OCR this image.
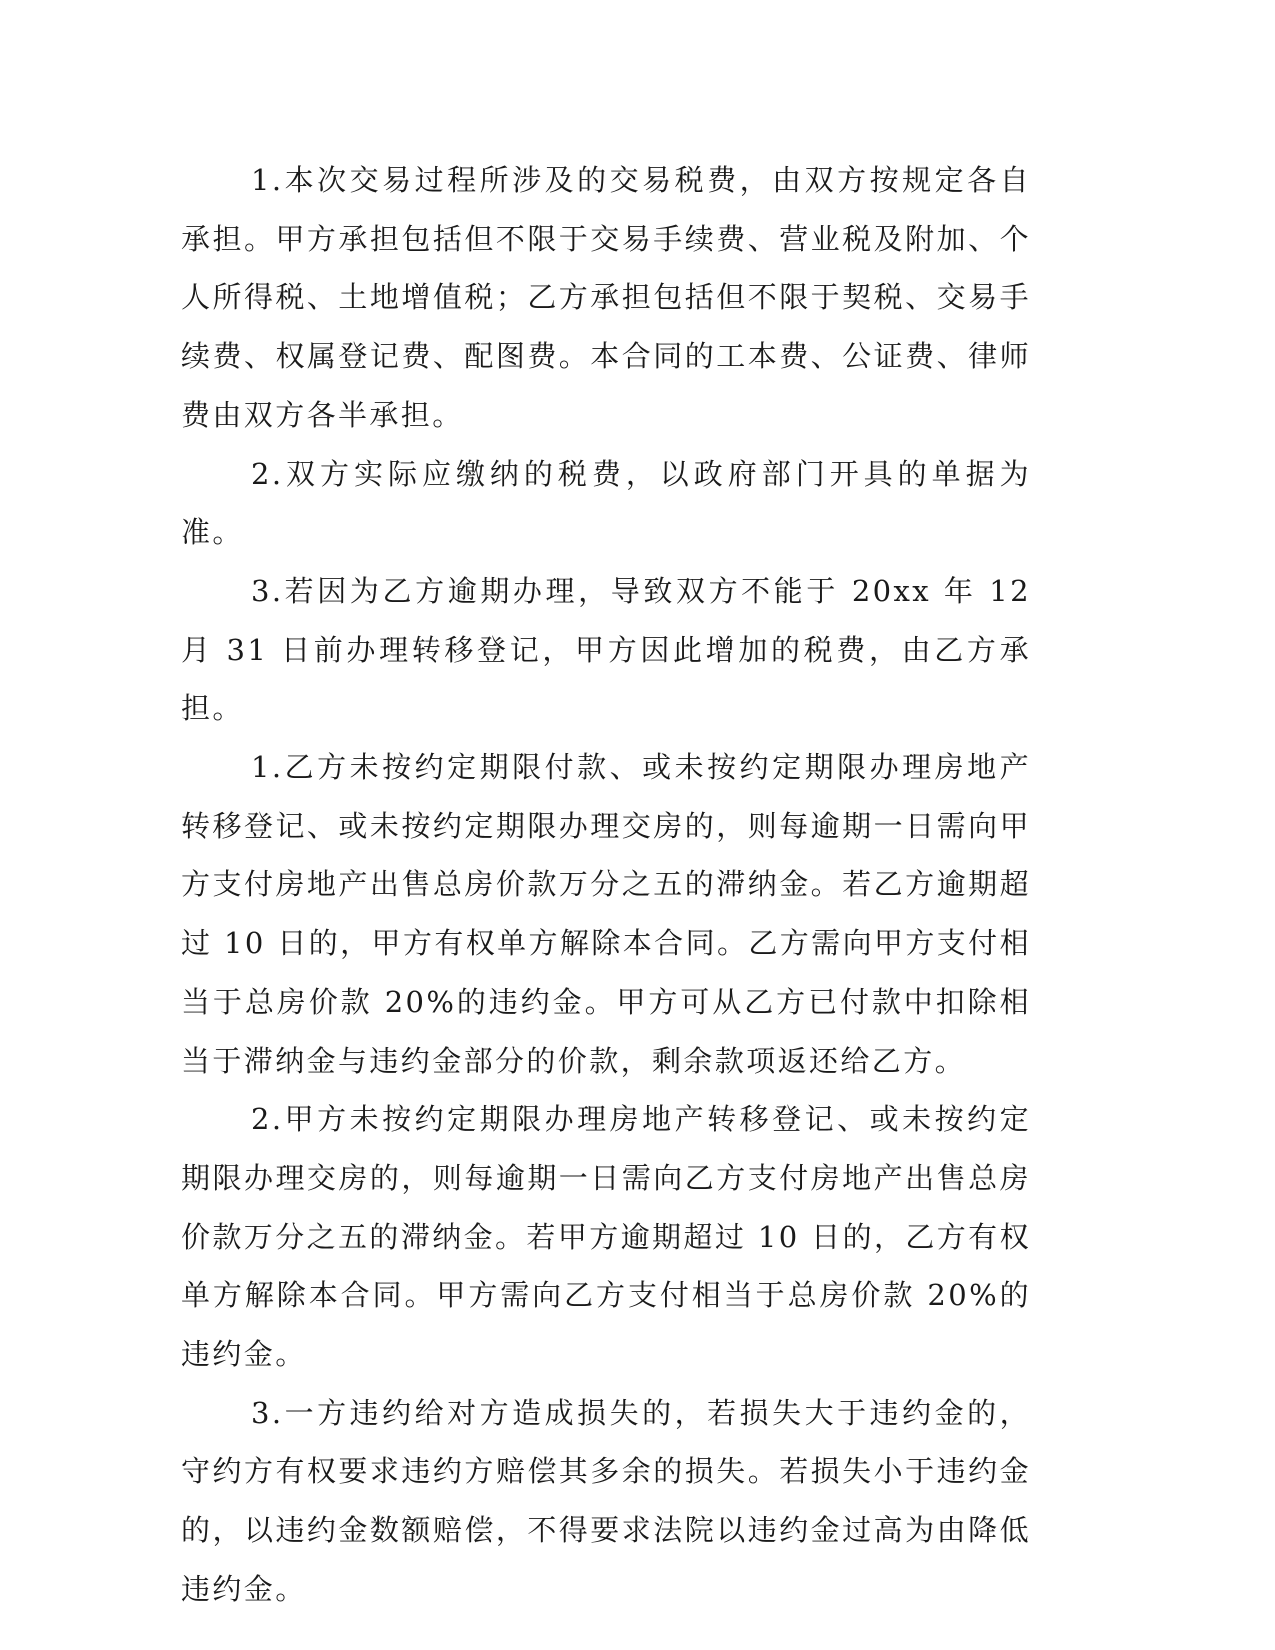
1.本次交易过程所涉及的交易税费，由双方按规定各自承担。甲方承担包括但不限于交易手续费、营业税及附加、个人所得税、土地增值税；乙方承担包括但不限于契税、交易手续费、权属登记费、配图费。本合同的工本费、公证费、律师费由双方各半承担。

2.双方实际应缴纳的税费，以政府部门开具的单据为准。

3.若因为乙方逾期办理，导致双方不能于 20xx 年 12 月 31 日前办理转移登记，甲方因此增加的税费，由乙方承担。

1.乙方未按约定期限付款、或未按约定期限办理房地产转移登记、或未按约定期限办理交房的，则每逾期一日需向甲方支付房地产出售总房价款万分之五的滞纳金。若乙方逾期超过 10 日的，甲方有权单方解除本合同。乙方需向甲方支付相当于总房价款 20%的违约金。甲方可从乙方已付款中扣除相当于滞纳金与违约金部分的价款，剩余款项返还给乙方。

2.甲方未按约定期限办理房地产转移登记、或未按约定期限办理交房的，则每逾期一日需向乙方支付房地产出售总房价款万分之五的滞纳金。若甲方逾期超过 10 日的，乙方有权单方解除本合同。甲方需向乙方支付相当于总房价款 20%的违约金。

3.一方违约给对方造成损失的，若损失大于违约金的，守约方有权要求违约方赔偿其多余的损失。若损失小于违约金的，以违约金数额赔偿，不得要求法院以违约金过高为由降低违约金。
